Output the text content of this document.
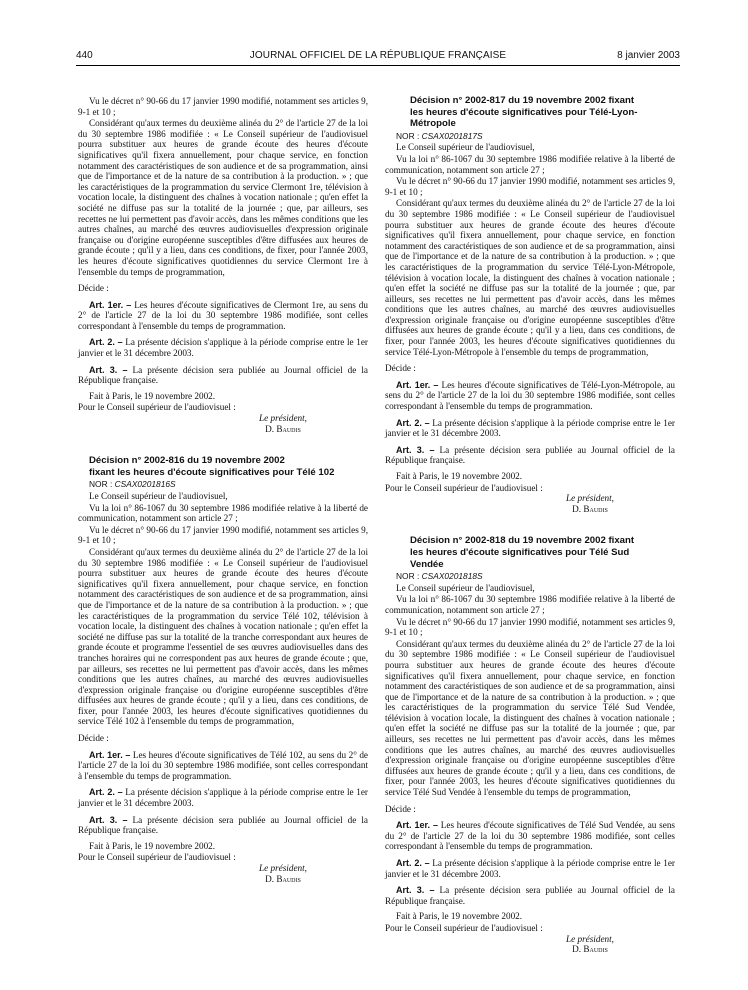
440	JOURNAL OFFICIEL DE LA RÉPUBLIQUE FRANÇAISE	8 janvier 2003

Vu le décret n° 90-66 du 17 janvier 1990 modifié, notamment ses articles 9, 9-1 et 10 ;

Considérant qu'aux termes du deuxième alinéa du 2° de l'article 27 de la loi du 30 septembre 1986 modifiée : « Le Conseil supérieur de l'audiovisuel pourra substituer aux heures de grande écoute des heures d'écoute significatives qu'il fixera annuellement, pour chaque service, en fonction notamment des caractéristiques de son audience et de sa programmation, ainsi que de l'importance et de la nature de sa contribution à la production. » ; que les caractéristiques de la programmation du service Clermont 1re, télévision à vocation locale, la distinguent des chaînes à vocation nationale ; qu'en effet la société ne diffuse pas sur la totalité de la journée ; que, par ailleurs, ses recettes ne lui permettent pas d'avoir accès, dans les mêmes conditions que les autres chaînes, au marché des œuvres audiovisuelles d'expression originale française ou d'origine européenne susceptibles d'être diffusées aux heures de grande écoute ; qu'il y a lieu, dans ces conditions, de fixer, pour l'année 2003, les heures d'écoute significatives quotidiennes du service Clermont 1re à l'ensemble du temps de programmation,

Décide :

Art. 1er. – Les heures d'écoute significatives de Clermont 1re, au sens du 2° de l'article 27 de la loi du 30 septembre 1986 modifiée, sont celles correspondant à l'ensemble du temps de programmation.

Art. 2. – La présente décision s'applique à la période comprise entre le 1er janvier et le 31 décembre 2003.

Art. 3. – La présente décision sera publiée au Journal officiel de la République française.

Fait à Paris, le 19 novembre 2002.

Pour le Conseil supérieur de l'audiovisuel :

Le président,

D. Baudis

Décision n° 2002-816 du 19 novembre 2002

fixant les heures d'écoute significatives pour Télé 102

NOR : CSAX0201816S

Le Conseil supérieur de l'audiovisuel,

Vu la loi n° 86-1067 du 30 septembre 1986 modifiée relative à la liberté de communication, notamment son article 27 ;

Vu le décret n° 90-66 du 17 janvier 1990 modifié, notamment ses articles 9, 9-1 et 10 ;

Considérant qu'aux termes du deuxième alinéa du 2° de l'article 27 de la loi du 30 septembre 1986 modifiée : « Le Conseil supérieur de l'audiovisuel pourra substituer aux heures de grande écoute des heures d'écoute significatives qu'il fixera annuellement, pour chaque service, en fonction notamment des caractéristiques de son audience et de sa programmation, ainsi que de l'importance et de la nature de sa contribution à la production. » ; que les caractéristiques de la programmation du service Télé 102, télévision à vocation locale, la distinguent des chaînes à vocation nationale ; qu'en effet la société ne diffuse pas sur la totalité de la tranche correspondant aux heures de grande écoute et programme l'essentiel de ses œuvres audiovisuelles dans des tranches horaires qui ne correspondent pas aux heures de grande écoute ; que, par ailleurs, ses recettes ne lui permettent pas d'avoir accès, dans les mêmes conditions que les autres chaînes, au marché des œuvres audiovisuelles d'expression originale française ou d'origine européenne susceptibles d'être diffusées aux heures de grande écoute ; qu'il y a lieu, dans ces conditions, de fixer, pour l'année 2003, les heures d'écoute significatives quotidiennes du service Télé 102 à l'ensemble du temps de programmation,

Décide :

Art. 1er. – Les heures d'écoute significatives de Télé 102, au sens du 2° de l'article 27 de la loi du 30 septembre 1986 modifiée, sont celles correspondant à l'ensemble du temps de programmation.

Art. 2. – La présente décision s'applique à la période comprise entre le 1er janvier et le 31 décembre 2003.

Art. 3. – La présente décision sera publiée au Journal officiel de la République française.

Fait à Paris, le 19 novembre 2002.

Pour le Conseil supérieur de l'audiovisuel :

Le président,

D. Baudis

Décision n° 2002-817 du 19 novembre 2002 fixant

les heures d'écoute significatives pour Télé-Lyon-

Métropole

NOR : CSAX0201817S

Le Conseil supérieur de l'audiovisuel,

Vu la loi n° 86-1067 du 30 septembre 1986 modifiée relative à la liberté de communication, notamment son article 27 ;

Vu le décret n° 90-66 du 17 janvier 1990 modifié, notamment ses articles 9, 9-1 et 10 ;

Considérant qu'aux termes du deuxième alinéa du 2° de l'article 27 de la loi du 30 septembre 1986 modifiée : « Le Conseil supérieur de l'audiovisuel pourra substituer aux heures de grande écoute des heures d'écoute significatives qu'il fixera annuellement, pour chaque service, en fonction notamment des caractéristiques de son audience et de sa programmation, ainsi que de l'importance et de la nature de sa contribution à la production. » ; que les caractéristiques de la programmation du service Télé-Lyon-Métropole, télévision à vocation locale, la distinguent des chaînes à vocation nationale ; qu'en effet la société ne diffuse pas sur la totalité de la journée ; que, par ailleurs, ses recettes ne lui permettent pas d'avoir accès, dans les mêmes conditions que les autres chaînes, au marché des œuvres audiovisuelles d'expression originale française ou d'origine européenne susceptibles d'être diffusées aux heures de grande écoute ; qu'il y a lieu, dans ces conditions, de fixer, pour l'année 2003, les heures d'écoute significatives quotidiennes du service Télé-Lyon-Métropole à l'ensemble du temps de programmation,

Décide :

Art. 1er. – Les heures d'écoute significatives de Télé-Lyon-Métropole, au sens du 2° de l'article 27 de la loi du 30 septembre 1986 modifiée, sont celles correspondant à l'ensemble du temps de programmation.

Art. 2. – La présente décision s'applique à la période comprise entre le 1er janvier et le 31 décembre 2003.

Art. 3. – La présente décision sera publiée au Journal officiel de la République française.

Fait à Paris, le 19 novembre 2002.

Pour le Conseil supérieur de l'audiovisuel :

Le président,

D. Baudis

Décision n° 2002-818 du 19 novembre 2002 fixant

les heures d'écoute significatives pour Télé Sud

Vendée

NOR : CSAX0201818S

Le Conseil supérieur de l'audiovisuel,

Vu la loi n° 86-1067 du 30 septembre 1986 modifiée relative à la liberté de communication, notamment son article 27 ;

Vu le décret n° 90-66 du 17 janvier 1990 modifié, notamment ses articles 9, 9-1 et 10 ;

Considérant qu'aux termes du deuxième alinéa du 2° de l'article 27 de la loi du 30 septembre 1986 modifiée : « Le Conseil supérieur de l'audiovisuel pourra substituer aux heures de grande écoute des heures d'écoute significatives qu'il fixera annuellement, pour chaque service, en fonction notamment des caractéristiques de son audience et de sa programmation, ainsi que de l'importance et de la nature de sa contribution à la production. » ; que les caractéristiques de la programmation du service Télé Sud Vendée, télévision à vocation locale, la distinguent des chaînes à vocation nationale ; qu'en effet la société ne diffuse pas sur la totalité de la journée ; que, par ailleurs, ses recettes ne lui permettent pas d'avoir accès, dans les mêmes conditions que les autres chaînes, au marché des œuvres audiovisuelles d'expression originale française ou d'origine européenne susceptibles d'être diffusées aux heures de grande écoute ; qu'il y a lieu, dans ces conditions, de fixer, pour l'année 2003, les heures d'écoute significatives quotidiennes du service Télé Sud Vendée à l'ensemble du temps de programmation,

Décide :

Art. 1er. – Les heures d'écoute significatives de Télé Sud Vendée, au sens du 2° de l'article 27 de la loi du 30 septembre 1986 modifiée, sont celles correspondant à l'ensemble du temps de programmation.

Art. 2. – La présente décision s'applique à la période comprise entre le 1er janvier et le 31 décembre 2003.

Art. 3. – La présente décision sera publiée au Journal officiel de la République française.

Fait à Paris, le 19 novembre 2002.

Pour le Conseil supérieur de l'audiovisuel :

Le président,

D. Baudis
